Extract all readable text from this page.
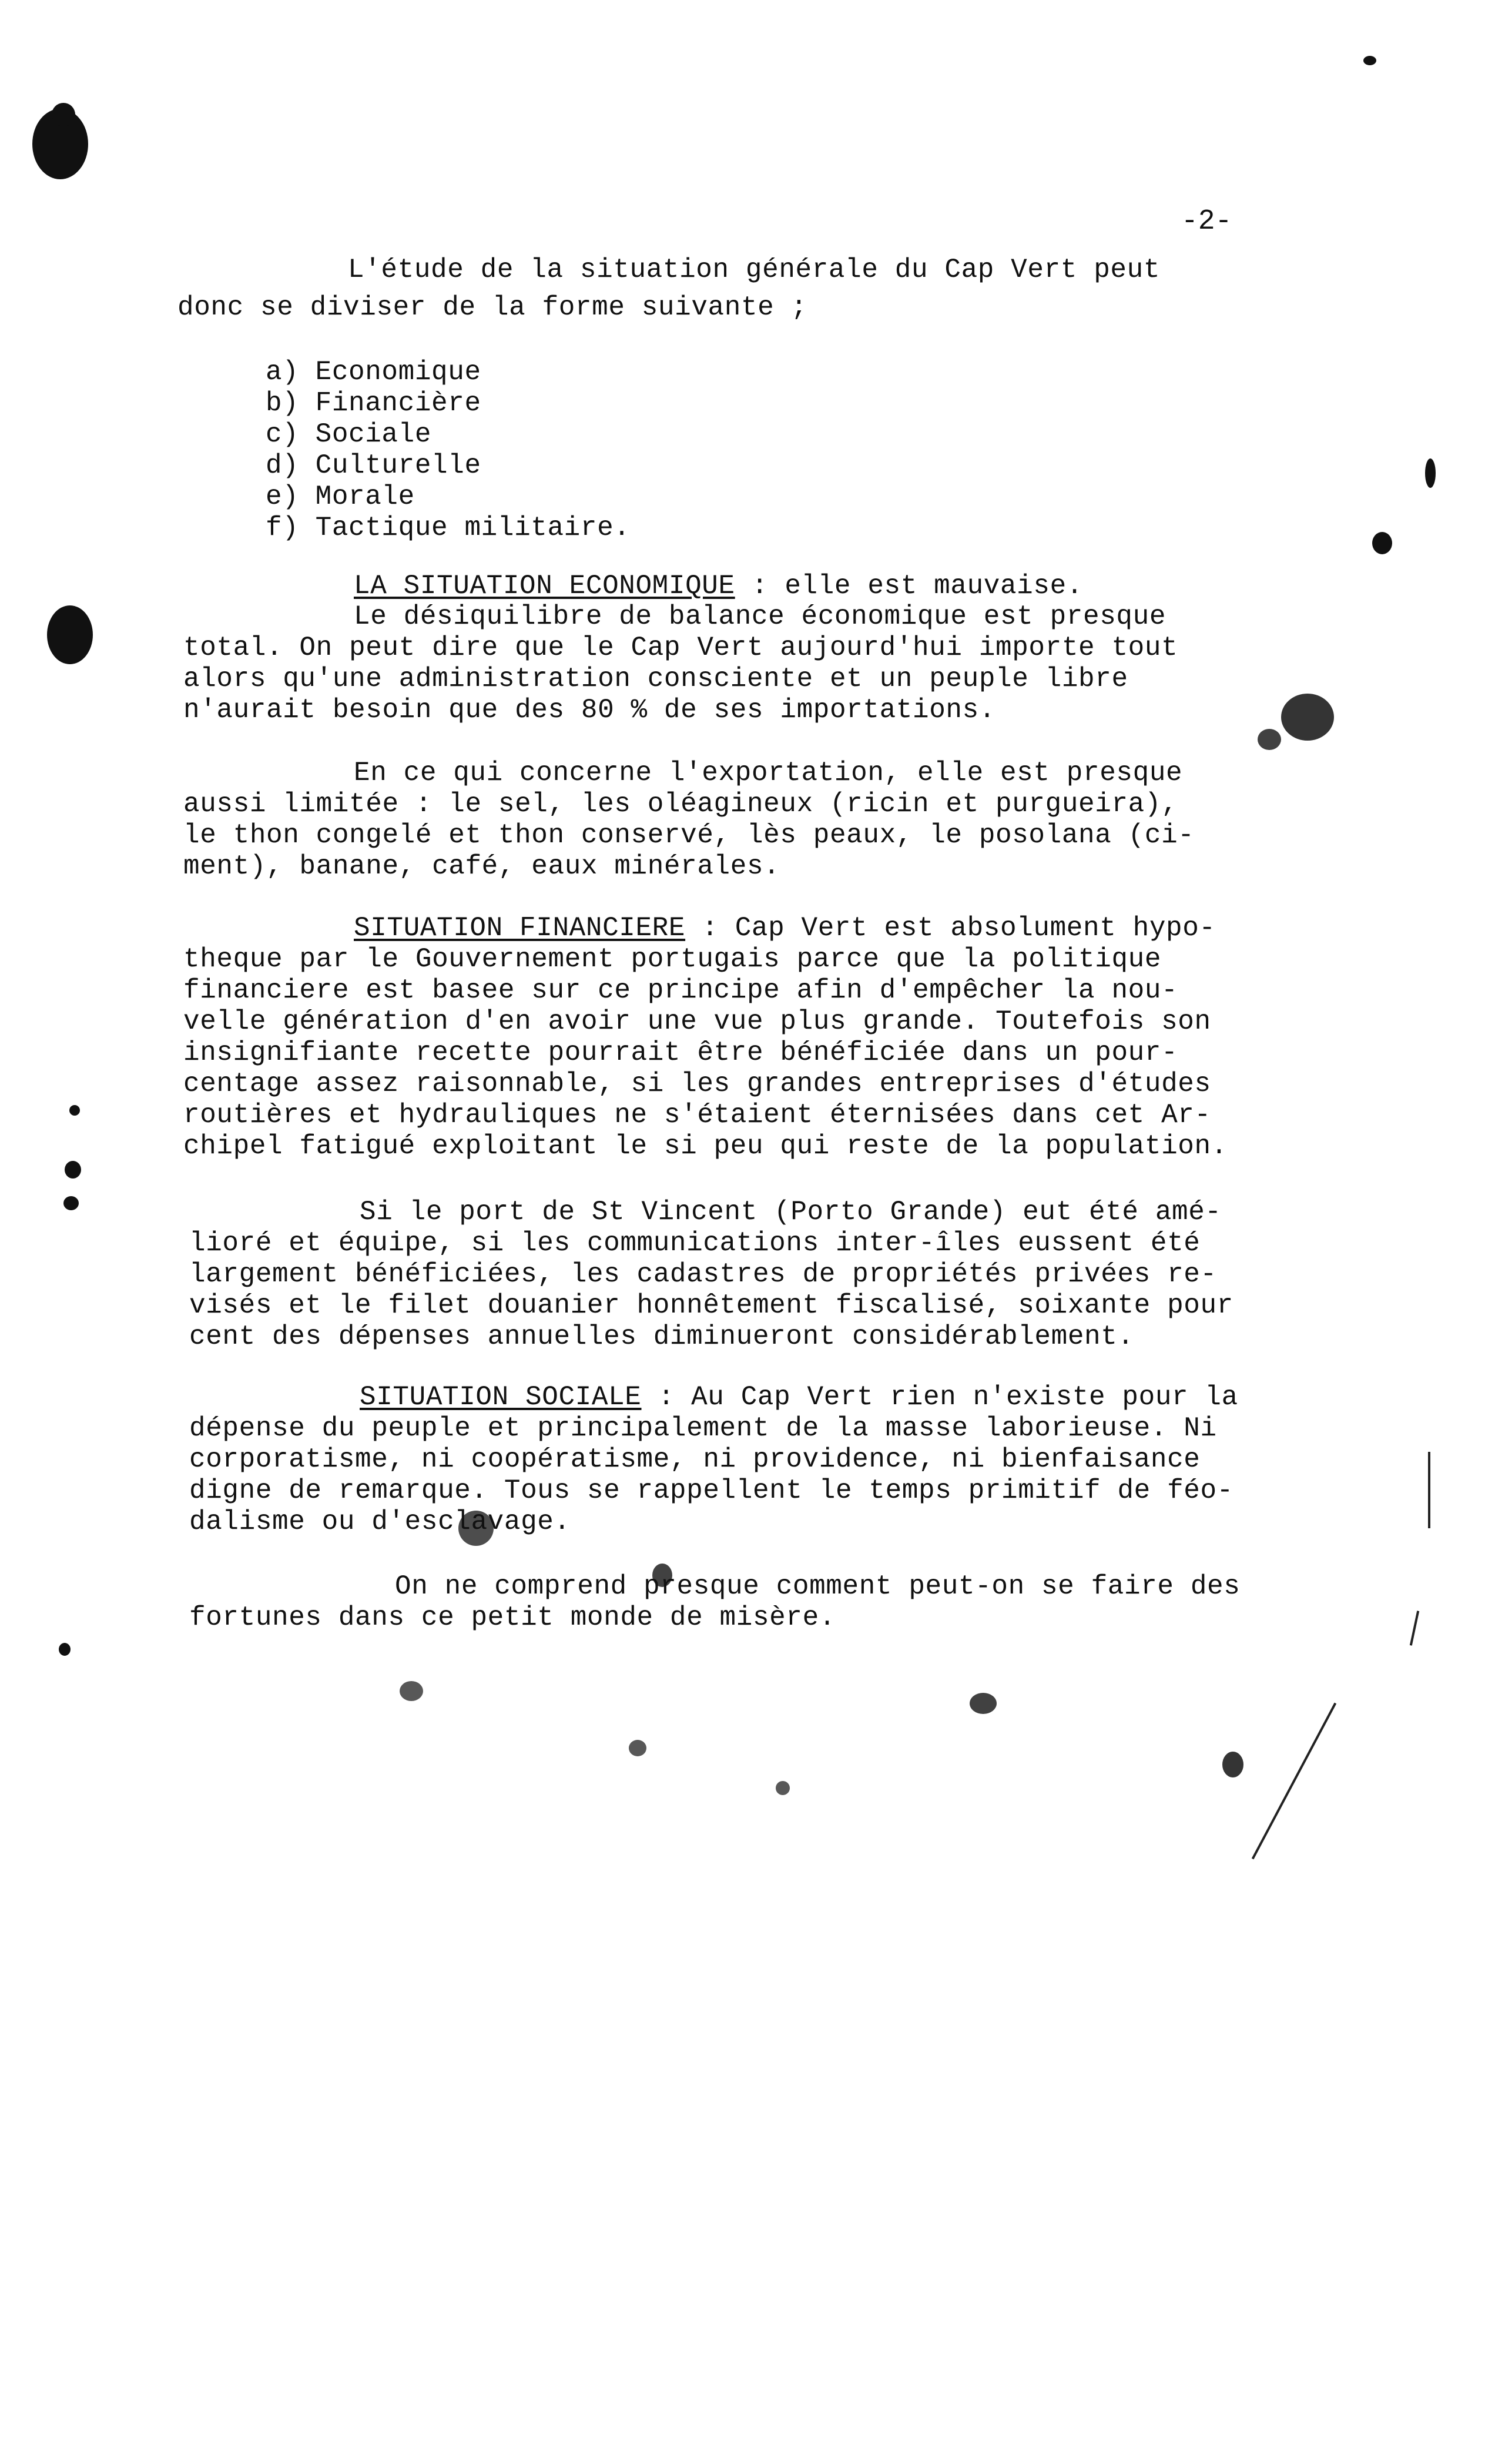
-2-

L'étude de la situation générale du Cap Vert peut

donc se diviser de la forme suivante ;

a) Economique

b) Financière

c) Sociale

d) Culturelle

e) Morale

f) Tactique militaire.

LA SITUATION ECONOMIQUE : elle est mauvaise.

Le désiquilibre de balance économique est presque

total. On peut dire que le Cap Vert aujourd'hui importe tout

alors qu'une administration consciente et un peuple libre

n'aurait besoin que des 80 % de ses importations.

En ce qui concerne l'exportation, elle est presque

aussi limitée : le sel, les oléagineux (ricin et purgueira),

le thon congelé et thon conservé, lès peaux, le posolana (ci-

ment), banane, café, eaux minérales.

SITUATION FINANCIERE : Cap Vert est absolument hypo-

theque par le Gouvernement portugais parce que la politique

financiere est basee sur ce principe afin d'empêcher la nou-

velle génération d'en avoir une vue plus grande. Toutefois son

insignifiante recette pourrait être bénéficiée dans un pour-

centage assez raisonnable, si les grandes entreprises d'études

routières et hydrauliques ne s'étaient éternisées dans cet Ar-

chipel fatigué exploitant le si peu qui reste de la population.

Si le port de St Vincent (Porto Grande) eut été amé-

lioré et équipe, si les communications inter-îles eussent été

largement bénéficiées, les cadastres de propriétés privées re-

visés et le filet douanier honnêtement fiscalisé, soixante pour

cent des dépenses annuelles diminueront considérablement.

SITUATION SOCIALE : Au Cap Vert rien n'existe pour la

dépense du peuple et principalement de la masse laborieuse. Ni

corporatisme, ni coopératisme, ni providence, ni bienfaisance

digne de remarque. Tous se rappellent le temps primitif de féo-

dalisme ou d'esclavage.

On ne comprend presque comment peut-on se faire des

fortunes dans ce petit monde de misère.
